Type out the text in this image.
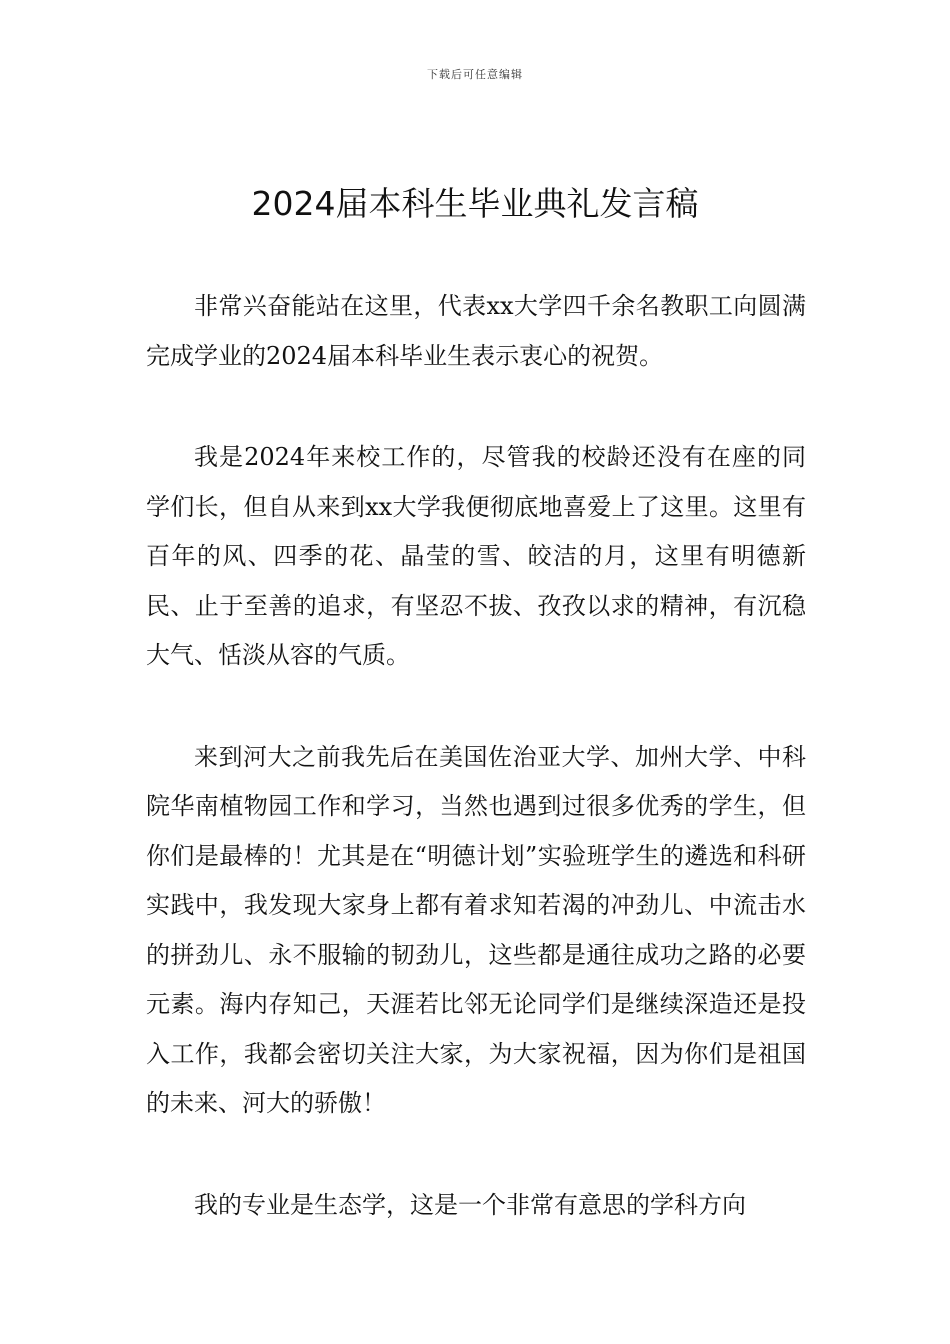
下载后可任意编辑
2024届本科生毕业典礼发言稿

非常兴奋能站在这里，代表xx大学四千余名教职工向圆满完成学业的2024届本科毕业生表示衷心的祝贺。

我是2024年来校工作的，尽管我的校龄还没有在座的同学们长，但自从来到xx大学我便彻底地喜爱上了这里。这里有百年的风、四季的花、晶莹的雪、皎洁的月，这里有明德新民、止于至善的追求，有坚忍不拔、孜孜以求的精神，有沉稳大气、恬淡从容的气质。

来到河大之前我先后在美国佐治亚大学、加州大学、中科院华南植物园工作和学习，当然也遇到过很多优秀的学生，但你们是最棒的！尤其是在“明德计划”实验班学生的遴选和科研实践中，我发现大家身上都有着求知若渴的冲劲儿、中流击水的拼劲儿、永不服输的韧劲儿，这些都是通往成功之路的必要元素。海内存知己，天涯若比邻无论同学们是继续深造还是投入工作，我都会密切关注大家，为大家祝福，因为你们是祖国的未来、河大的骄傲！

我的专业是生态学，这是一个非常有意思的学科方向
